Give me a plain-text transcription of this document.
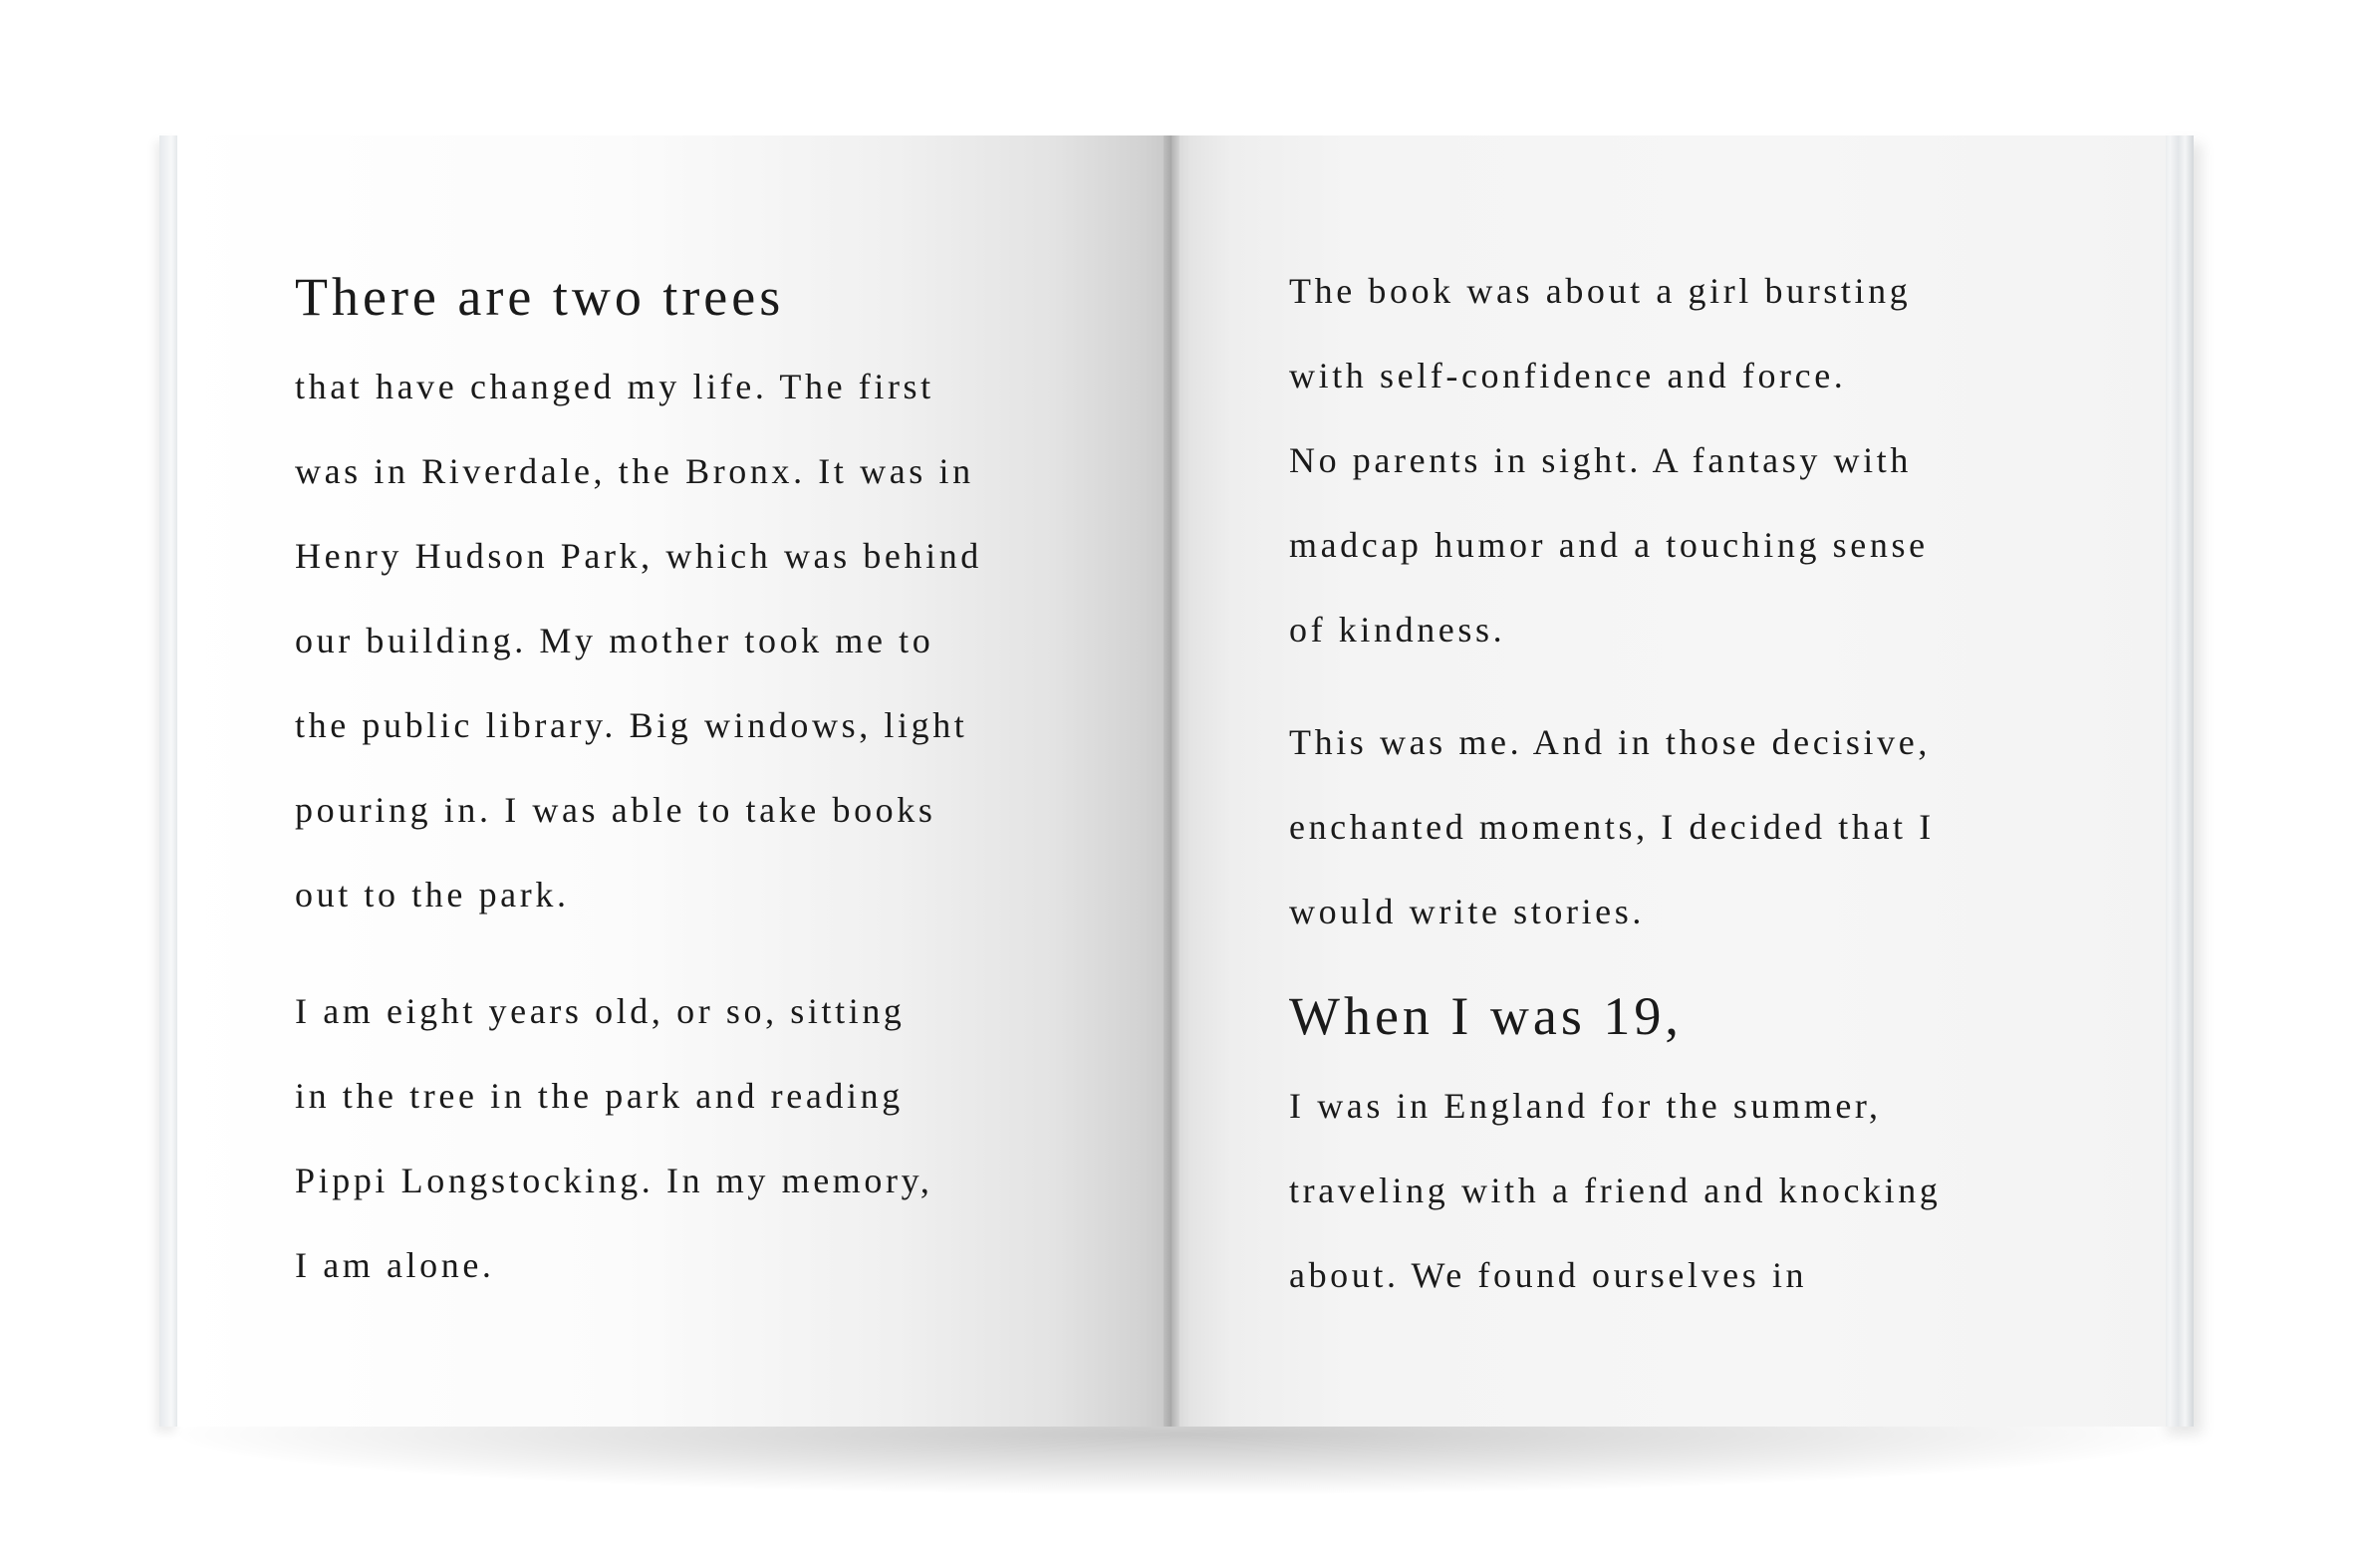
There are two trees

that have changed my life. The first

was in Riverdale, the Bronx. It was in

Henry Hudson Park, which was behind

our building. My mother took me to

the public library. Big windows, light

pouring in. I was able to take books

out to the park.

I am eight years old, or so, sitting

in the tree in the park and reading

Pippi Longstocking. In my memory,

I am alone.

The book was about a girl bursting

with self-confidence and force.

No parents in sight. A fantasy with

madcap humor and a touching sense

of kindness.

This was me. And in those decisive,

enchanted moments, I decided that I

would write stories.

When I was 19,

I was in England for the summer,

traveling with a friend and knocking

about. We found ourselves in
